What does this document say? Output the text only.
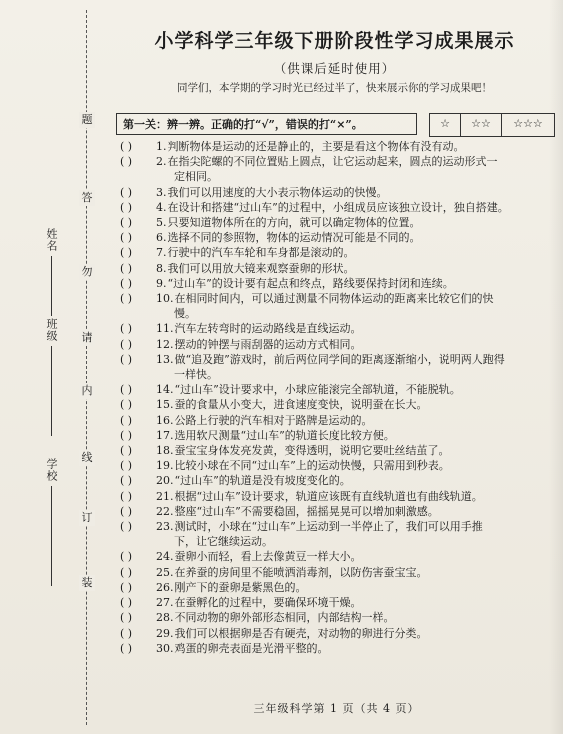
题
答
勿
请
内
线
订
装
姓名
班级
学校
小学科学三年级下册阶段性学习成果展示
（供课后延时使用）
同学们，本学期的学习时光已经过半了，快来展示你的学习成果吧！
第一关：辨一辨。正确的打“√”，错误的打“×”。	☆	☆☆	☆☆☆
( ) 1.判断物体是运动的还是静止的，主要是看这个物体有没有动。
( ) 2.在指尖陀螺的不同位置贴上圆点，让它运动起来，圆点的运动形式一
定相同。
( ) 3.我们可以用速度的大小表示物体运动的快慢。
( ) 4.在设计和搭建“过山车”的过程中，小组成员应该独立设计，独自搭建。
( ) 5.只要知道物体所在的方向，就可以确定物体的位置。
( ) 6.选择不同的参照物，物体的运动情况可能是不同的。
( ) 7.行驶中的汽车车轮和车身都是滚动的。
( ) 8.我们可以用放大镜来观察蚕卵的形状。
( ) 9.“过山车”的设计要有起点和终点，路线要保持封闭和连续。
( ) 10.在相同时间内，可以通过测量不同物体运动的距离来比较它们的快
慢。
( ) 11.汽车左转弯时的运动路线是直线运动。
( ) 12.摆动的钟摆与雨刮器的运动方式相同。
( ) 13.做“追及跑”游戏时，前后两位同学间的距离逐渐缩小，说明两人跑得
一样快。
( ) 14.“过山车”设计要求中，小球应能滚完全部轨道，不能脱轨。
( ) 15.蚕的食量从小变大，进食速度变快，说明蚕在长大。
( ) 16.公路上行驶的汽车相对于路牌是运动的。
( ) 17.选用软尺测量“过山车”的轨道长度比较方便。
( ) 18.蚕宝宝身体发亮发黄，变得透明，说明它要吐丝结茧了。
( ) 19.比较小球在不同“过山车”上的运动快慢，只需用到秒表。
( ) 20.“过山车”的轨道是没有坡度变化的。
( ) 21.根据“过山车”设计要求，轨道应该既有直线轨道也有曲线轨道。
( ) 22.整座“过山车”不需要稳固，摇摇晃晃可以增加刺激感。
( ) 23.测试时，小球在“过山车”上运动到一半停止了，我们可以用手推
下，让它继续运动。
( ) 24.蚕卵小而轻，看上去像黄豆一样大小。
( ) 25.在养蚕的房间里不能喷洒消毒剂，以防伤害蚕宝宝。
( ) 26.刚产下的蚕卵是紫黑色的。
( ) 27.在蚕孵化的过程中，要确保环境干燥。
( ) 28.不同动物的卵外部形态相同，内部结构一样。
( ) 29.我们可以根据卵是否有硬壳，对动物的卵进行分类。
( ) 30.鸡蛋的卵壳表面是光滑平整的。
三年级科学第 1 页（共 4 页）
